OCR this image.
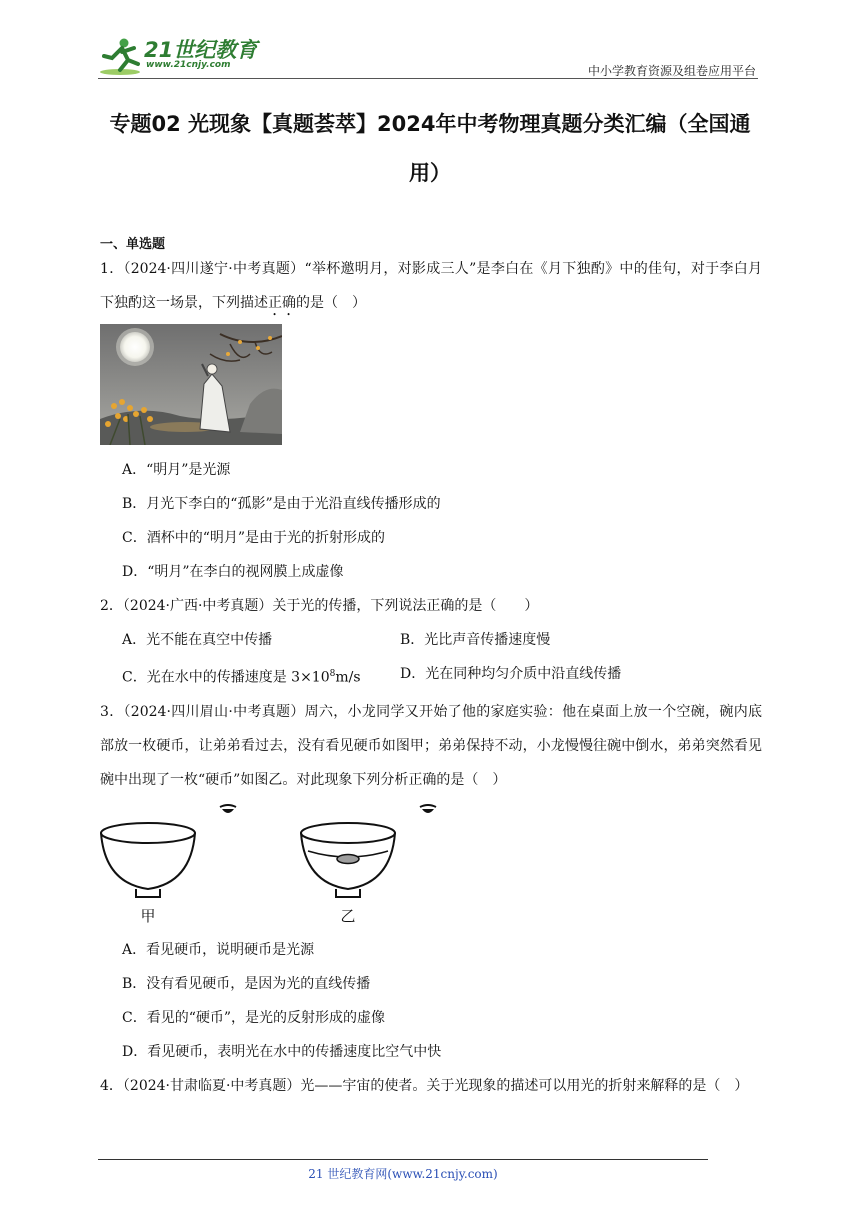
21世纪教育
www.21cnjy.com	中小学教育资源及组卷应用平台
专题02 光现象【真题荟萃】2024年中考物理真题分类汇编（全国通
用）
一、单选题
1．（2024·四川遂宁·中考真题）“举杯邀明月，对影成三人”是李白在《月下独酌》中的佳句，对于李白月下独酌这一场景，下列描述正确的是（　）
A．“明月”是光源
B．月光下李白的“孤影”是由于光沿直线传播形成的
C．酒杯中的“明月”是由于光的折射形成的
D．“明月”在李白的视网膜上成虚像
2．（2024·广西·中考真题）关于光的传播，下列说法正确的是（　　）
A．光不能在真空中传播	B．光比声音传播速度慢
C．光在水中的传播速度是 $3\times 10^8m/s$	D．光在同种均匀介质中沿直线传播
3．（2024·四川眉山·中考真题）周六，小龙同学又开始了他的家庭实验：他在桌面上放一个空碗，碗内底部放一枚硬币，让弟弟看过去，没有看见硬币如图甲；弟弟保持不动，小龙慢慢往碗中倒水，弟弟突然看见碗中出现了一枚“硬币”如图乙。对此现象下列分析正确的是（　）
甲	乙
A．看见硬币，说明硬币是光源
B．没有看见硬币，是因为光的直线传播
C．看见的“硬币”，是光的反射形成的虚像
D．看见硬币，表明光在水中的传播速度比空气中快
4．（2024·甘肃临夏·中考真题）光——宇宙的使者。关于光现象的描述可以用光的折射来解释的是（　）
21 世纪教育网(www.21cnjy.com)
